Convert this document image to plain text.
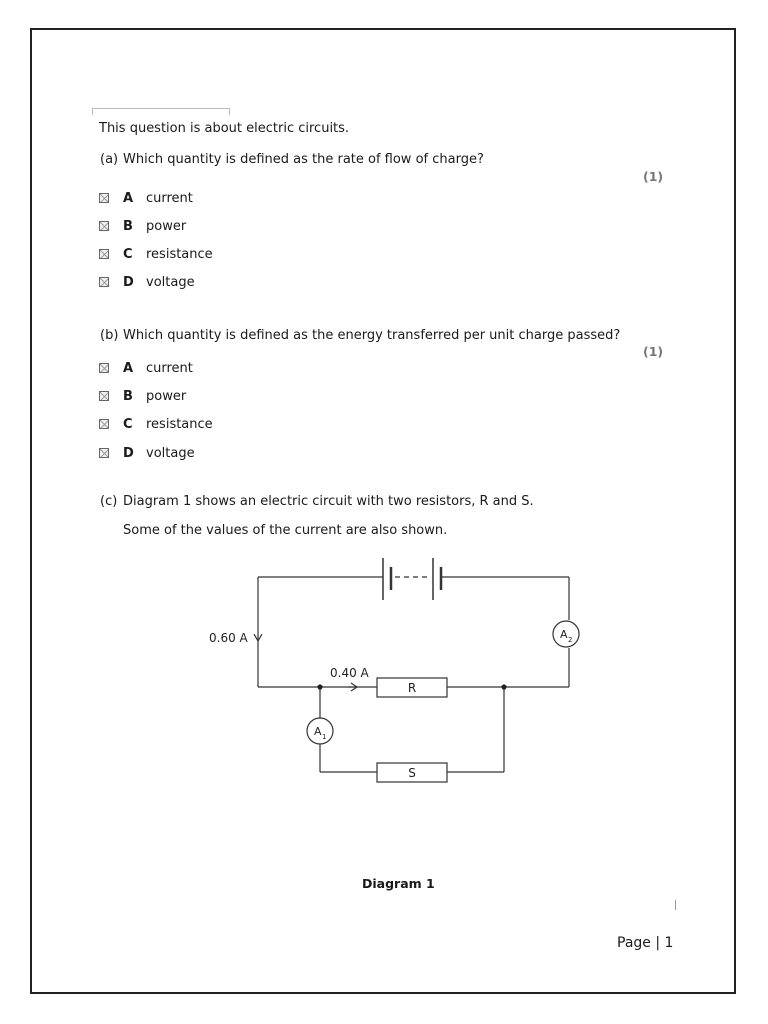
This question is about electric circuits.
(a) Which quantity is defined as the rate of flow of charge?
(1)
A current
B power
C resistance
D voltage
(b) Which quantity is defined as the energy transferred per unit charge passed?
(1)
A current
B power
C resistance
D voltage
(c) Diagram 1 shows an electric circuit with two resistors, R and S.
Some of the values of the current are also shown.
0.60 A
0.40 A
R
S
A 1
A 2
Diagram 1
Page | 1
